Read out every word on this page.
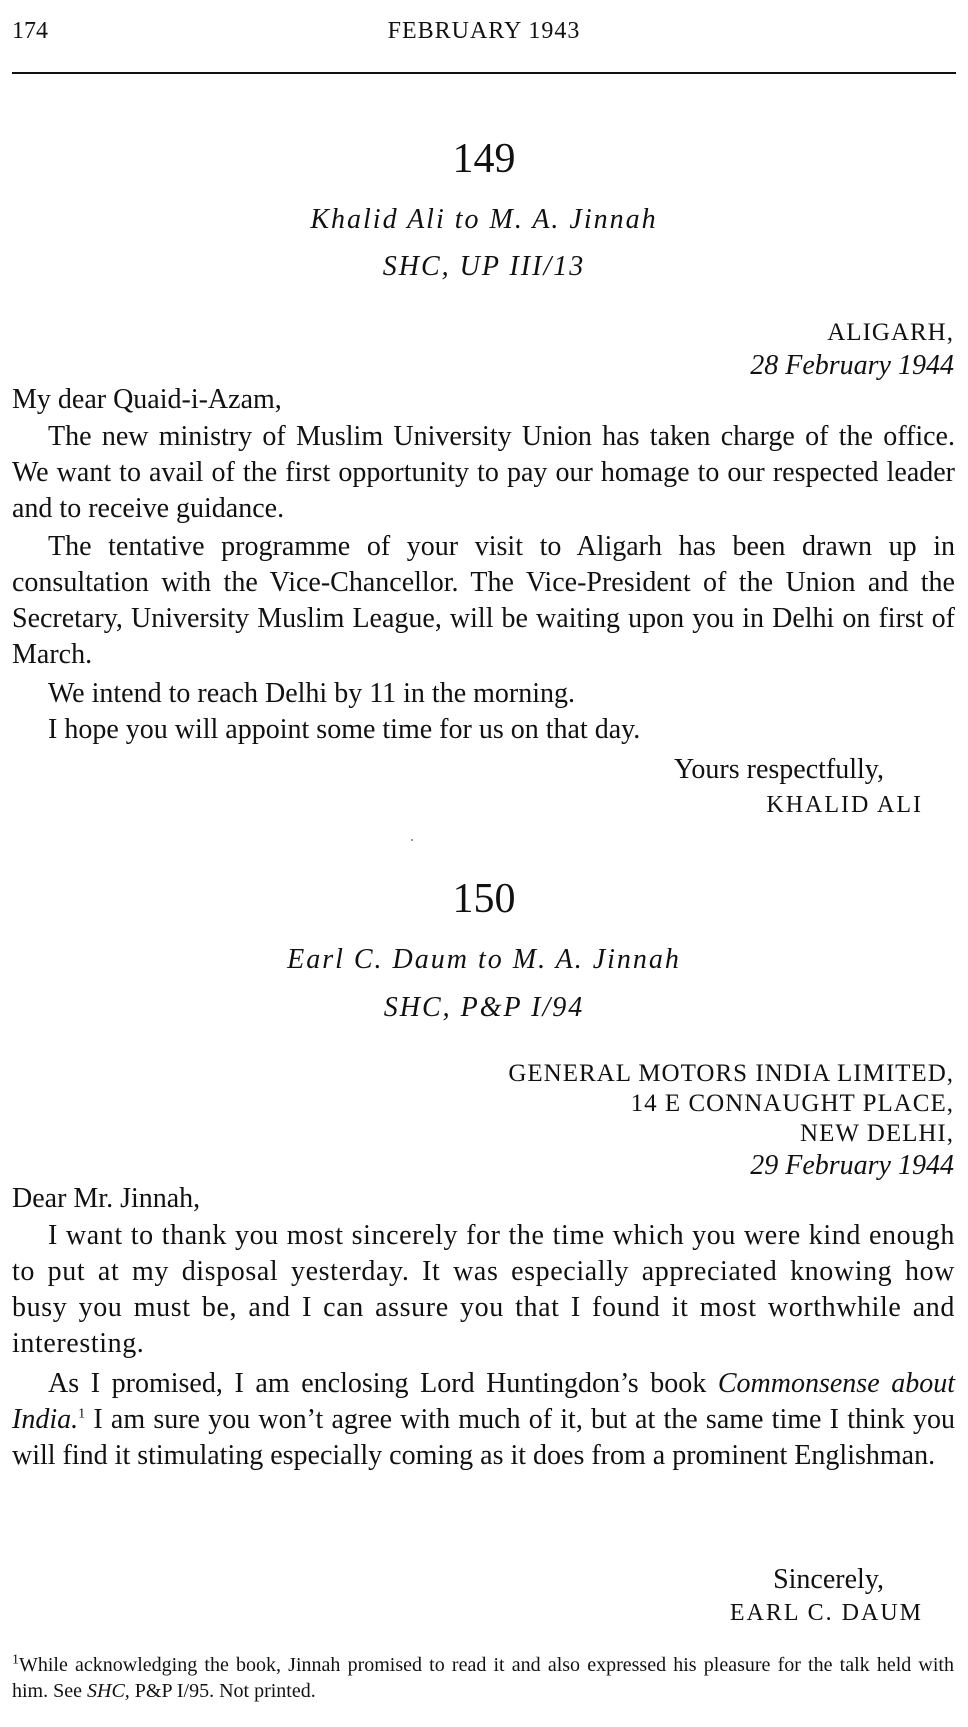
174	FEBRUARY 1943
149
Khalid Ali to M. A. Jinnah
SHC, UP III/13
ALIGARH,
28 February 1944
My dear Quaid-i-Azam,

The new ministry of Muslim University Union has taken charge of the office. We want to avail of the first opportunity to pay our homage to our respected leader and to receive guidance.

The tentative programme of your visit to Aligarh has been drawn up in consultation with the Vice-Chancellor. The Vice-President of the Union and the Secretary, University Muslim League, will be waiting upon you in Delhi on first of March.

We intend to reach Delhi by 11 in the morning.

I hope you will appoint some time for us on that day.

Yours respectfully,
KHALID ALI
150
Earl C. Daum to M. A. Jinnah
SHC, P&P I/94
GENERAL MOTORS INDIA LIMITED,
14 E CONNAUGHT PLACE,
NEW DELHI,
29 February 1944
Dear Mr. Jinnah,

I want to thank you most sincerely for the time which you were kind enough to put at my disposal yesterday. It was especially appreciated knowing how busy you must be, and I can assure you that I found it most worthwhile and interesting.

As I promised, I am enclosing Lord Huntingdon’s book Commonsense about India.$^1$ I am sure you won’t agree with much of it, but at the same time I think you will find it stimulating especially coming as it does from a prominent Englishman.

Sincerely,
EARL C. DAUM
$^1$While acknowledging the book, Jinnah promised to read it and also expressed his pleasure for the talk held with him. See SHC, P&P I/95. Not printed.
